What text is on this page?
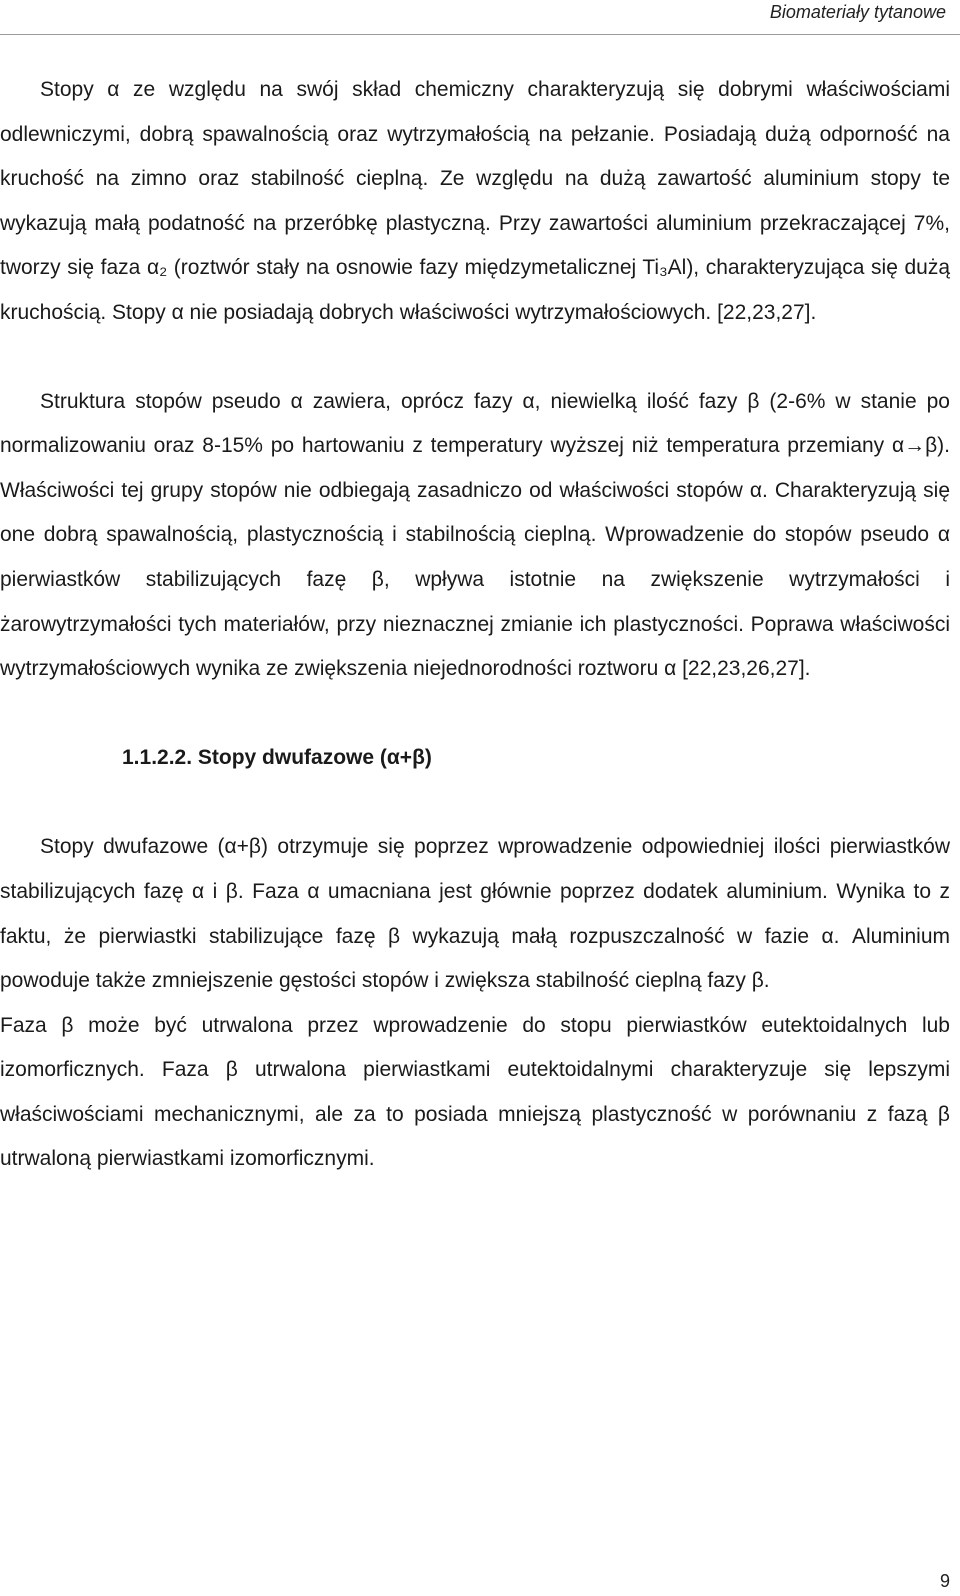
Biomateriały tytanowe

Stopy α ze względu na swój skład chemiczny charakteryzują się dobrymi właściwościami odlewniczymi, dobrą spawalnością oraz wytrzymałością na pełzanie. Posiadają dużą odporność na kruchość na zimno oraz stabilność cieplną. Ze względu na dużą zawartość aluminium stopy te wykazują małą podatność na przeróbkę plastyczną. Przy zawartości aluminium przekraczającej 7%, tworzy się faza α₂ (roztwór stały na osnowie fazy międzymetalicznej Ti₃Al), charakteryzująca się dużą kruchością. Stopy α nie posiadają dobrych właściwości wytrzymałościowych. [22,23,27].

Struktura stopów pseudo α zawiera, oprócz fazy α, niewielką ilość fazy β (2-6% w stanie po normalizowaniu oraz 8-15% po hartowaniu z temperatury wyższej niż temperatura przemiany α→β). Właściwości tej grupy stopów nie odbiegają zasadniczo od właściwości stopów α. Charakteryzują się one dobrą spawalnością, plastycznością i stabilnością cieplną. Wprowadzenie do stopów pseudo α pierwiastków stabilizujących fazę β, wpływa istotnie na zwiększenie wytrzymałości i żarowytrzymałości tych materiałów, przy nieznacznej zmianie ich plastyczności. Poprawa właściwości wytrzymałościowych wynika ze zwiększenia niejednorodności roztworu α [22,23,26,27].

1.1.2.2. Stopy dwufazowe (α+β)

Stopy dwufazowe (α+β) otrzymuje się poprzez wprowadzenie odpowiedniej ilości pierwiastków stabilizujących fazę α i β. Faza α umacniana jest głównie poprzez dodatek aluminium. Wynika to z faktu, że pierwiastki stabilizujące fazę β wykazują małą rozpuszczalność w fazie α. Aluminium powoduje także zmniejszenie gęstości stopów i zwiększa stabilność cieplną fazy β.

Faza β może być utrwalona przez wprowadzenie do stopu pierwiastków eutektoidalnych lub izomorficznych. Faza β utrwalona pierwiastkami eutektoidalnymi charakteryzuje się lepszymi właściwościami mechanicznymi, ale za to posiada mniejszą plastyczność w porównaniu z fazą β utrwaloną pierwiastkami izomorficznymi.

9
